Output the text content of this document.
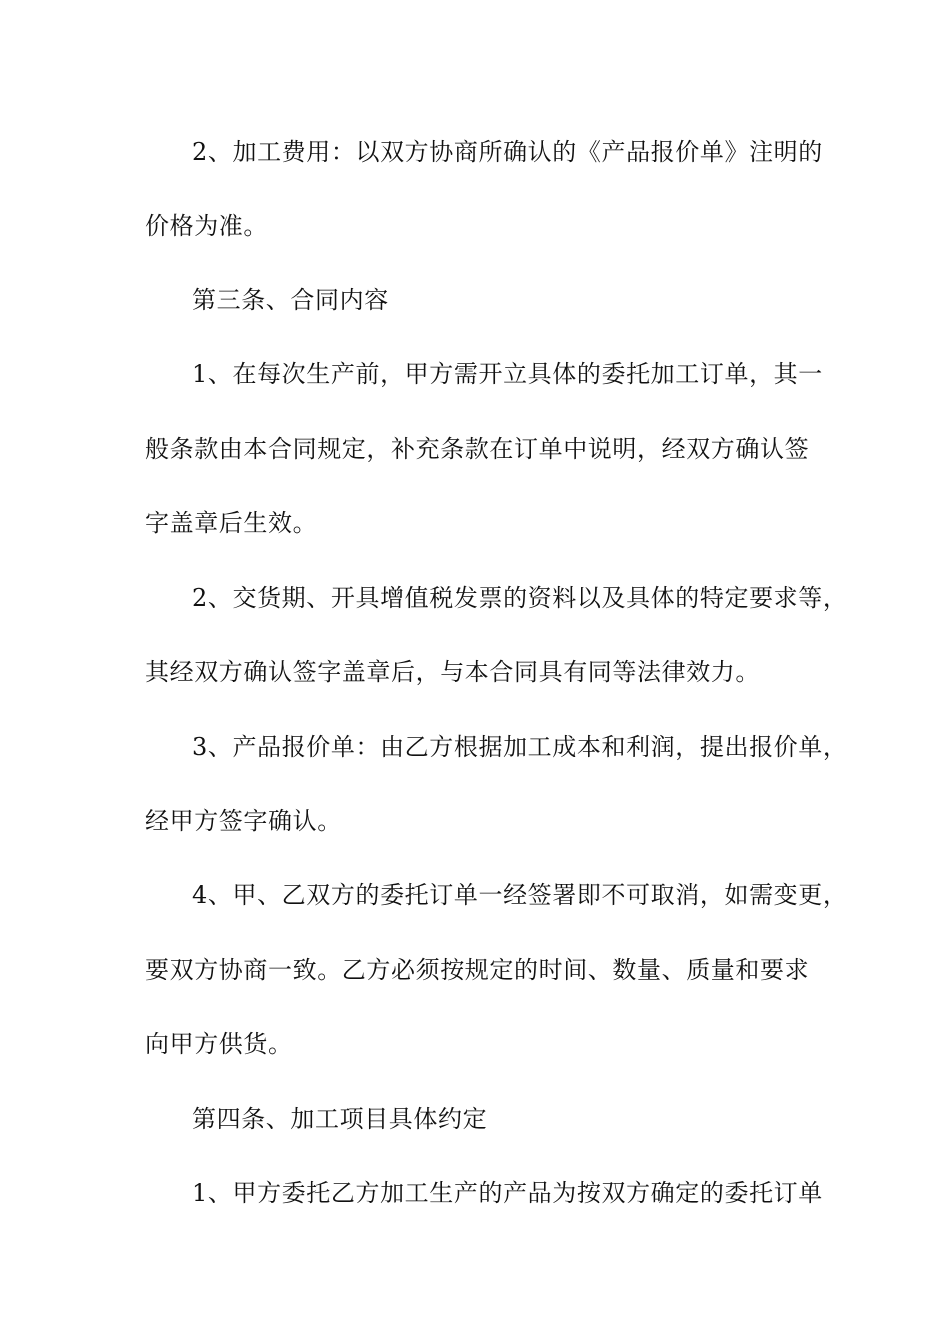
2、加工费用：以双方协商所确认的《产品报价单》注明的
价格为准。
第三条、合同内容
1、在每次生产前，甲方需开立具体的委托加工订单，其一
般条款由本合同规定，补充条款在订单中说明，经双方确认签
字盖章后生效。
2、交货期、开具增值税发票的资料以及具体的特定要求等，
其经双方确认签字盖章后，与本合同具有同等法律效力。
3、产品报价单：由乙方根据加工成本和利润，提出报价单，
经甲方签字确认。
4、甲、乙双方的委托订单一经签署即不可取消，如需变更，
要双方协商一致。乙方必须按规定的时间、数量、质量和要求
向甲方供货。
第四条、加工项目具体约定
1、甲方委托乙方加工生产的产品为按双方确定的委托订单
